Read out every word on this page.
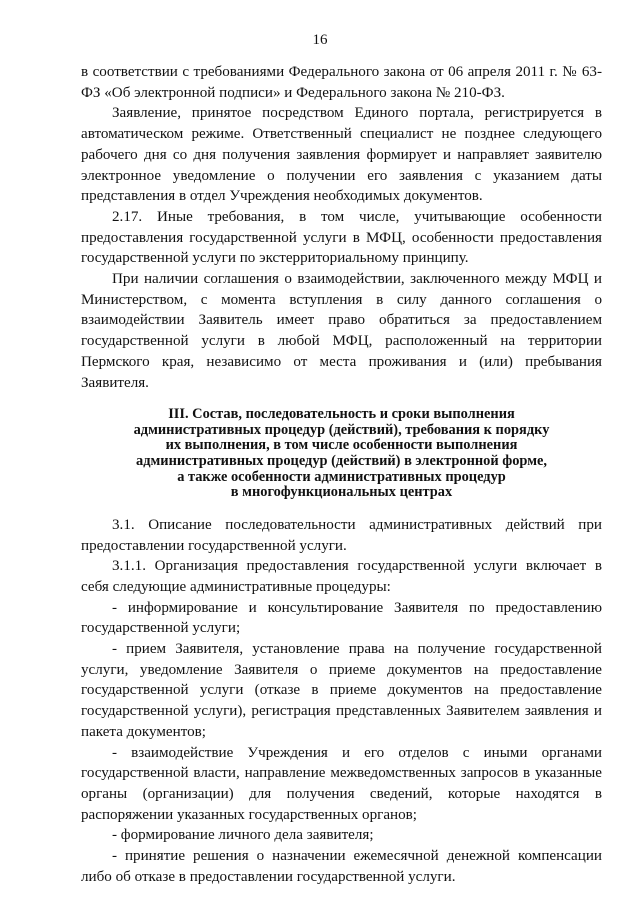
16

в соответствии с требованиями Федерального закона от 06 апреля 2011 г. № 63-ФЗ «Об электронной подписи» и Федерального закона № 210-ФЗ.

Заявление, принятое посредством Единого портала, регистрируется в автоматическом режиме. Ответственный специалист не позднее следующего рабочего дня со дня получения заявления формирует и направляет заявителю электронное уведомление о получении его заявления с указанием даты представления в отдел Учреждения необходимых документов.

2.17. Иные требования, в том числе, учитывающие особенности предоставления государственной услуги в МФЦ, особенности предоставления государственной услуги по экстерриториальному принципу.

При наличии соглашения о взаимодействии, заключенного между МФЦ и Министерством, с момента вступления в силу данного соглашения о взаимодействии Заявитель имеет право обратиться за предоставлением государственной услуги в любой МФЦ, расположенный на территории Пермского края, независимо от места проживания и (или) пребывания Заявителя.

III. Состав, последовательность и сроки выполнения
административных процедур (действий), требования к порядку
их выполнения, в том числе особенности выполнения
административных процедур (действий) в электронной форме,
а также особенности административных процедур
в многофункциональных центрах

3.1. Описание последовательности административных действий при предоставлении государственной услуги.

3.1.1. Организация предоставления государственной услуги включает в себя следующие административные процедуры:

- информирование и консультирование Заявителя по предоставлению государственной услуги;

- прием Заявителя, установление права на получение государственной услуги, уведомление Заявителя о приеме документов на предоставление государственной услуги (отказе в приеме документов на предоставление государственной услуги), регистрация представленных Заявителем заявления и пакета документов;

- взаимодействие Учреждения и его отделов с иными органами государственной власти, направление межведомственных запросов в указанные органы (организации) для получения сведений, которые находятся в распоряжении указанных государственных органов;

- формирование личного дела заявителя;

- принятие решения о назначении ежемесячной денежной компенсации либо об отказе в предоставлении государственной услуги.
